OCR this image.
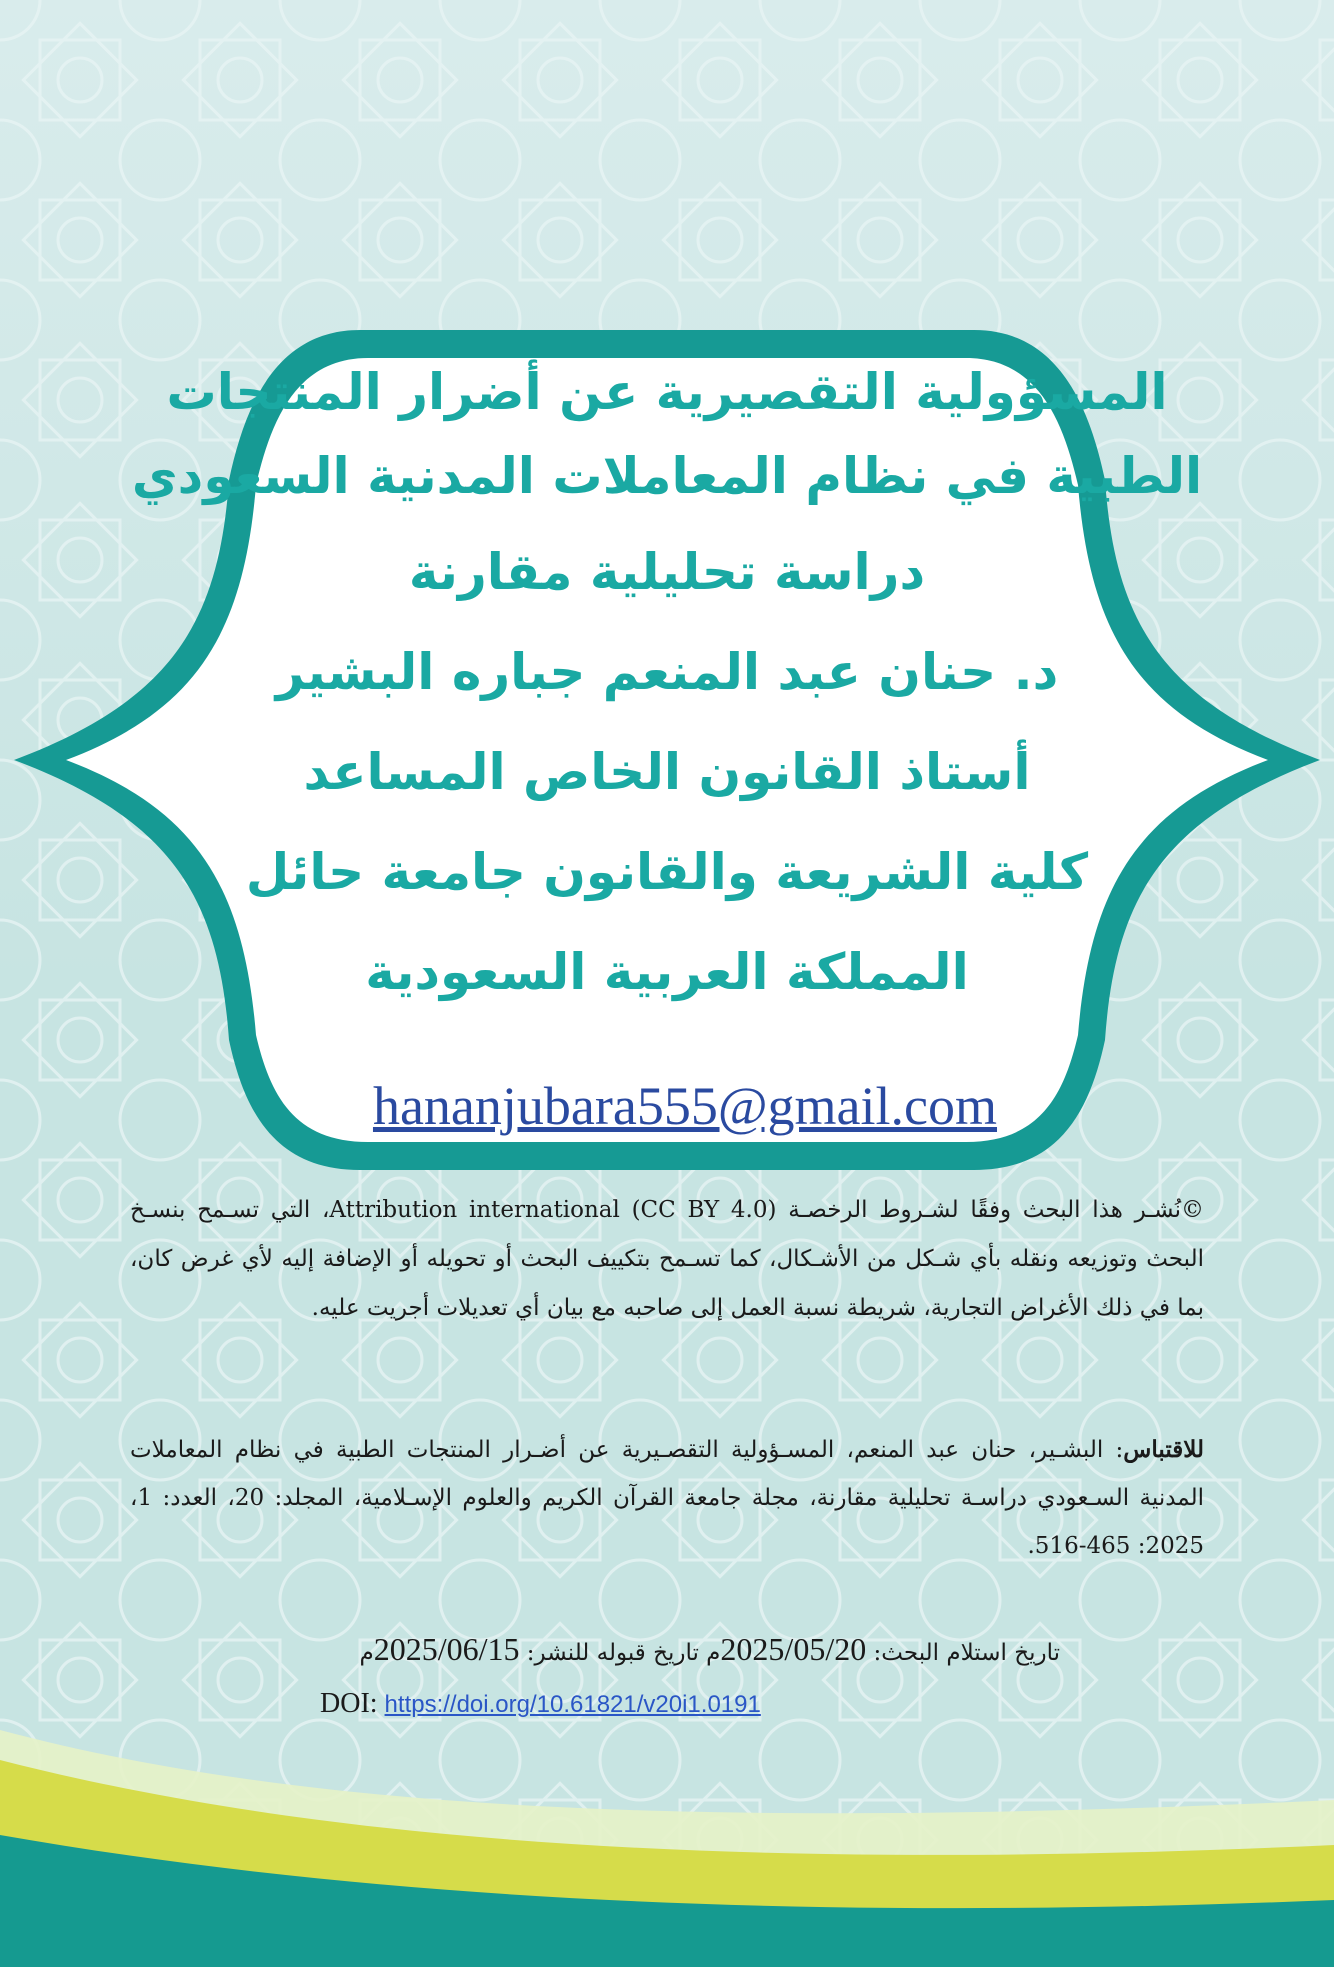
المسؤولية التقصيرية عن أضرار المنتجات
الطبية في نظام المعاملات المدنية السعودي
دراسة تحليلية مقارنة
د. حنان عبد المنعم جباره البشير
أستاذ القانون الخاص المساعد
كلية الشريعة والقانون جامعة حائل
المملكة العربية السعودية
hananjubara555@gmail.com
©نُشـر هذا البحث وفقًا لشـروط الرخصـة (Attribution international (CC BY 4.0، التي تسـمح بنسـخ البحث وتوزيعه ونقله بأي شـكل من الأشـكال، كما تسـمح بتكييف البحث أو تحويله أو الإضافة إليه لأي غرض كان، بما في ذلك الأغراض التجارية، شريطة نسبة العمل إلى صاحبه مع بيان أي تعديلات أجريت عليه.
للاقتباس: البشـير، حنان عبد المنعم، المسـؤولية التقصـيرية عن أضـرار المنتجات الطبية في نظام المعاملات المدنية السـعودي دراسـة تحليلية مقارنة، مجلة جامعة القرآن الكريم والعلوم الإسـلامية، المجلد: 20، العدد: 1، 2025: 465-516.
تاريخ استلام البحث: 2025/05/20م تاريخ قبوله للنشر: 2025/06/15م
DOI: https://doi.org/10.61821/v20i1.0191
